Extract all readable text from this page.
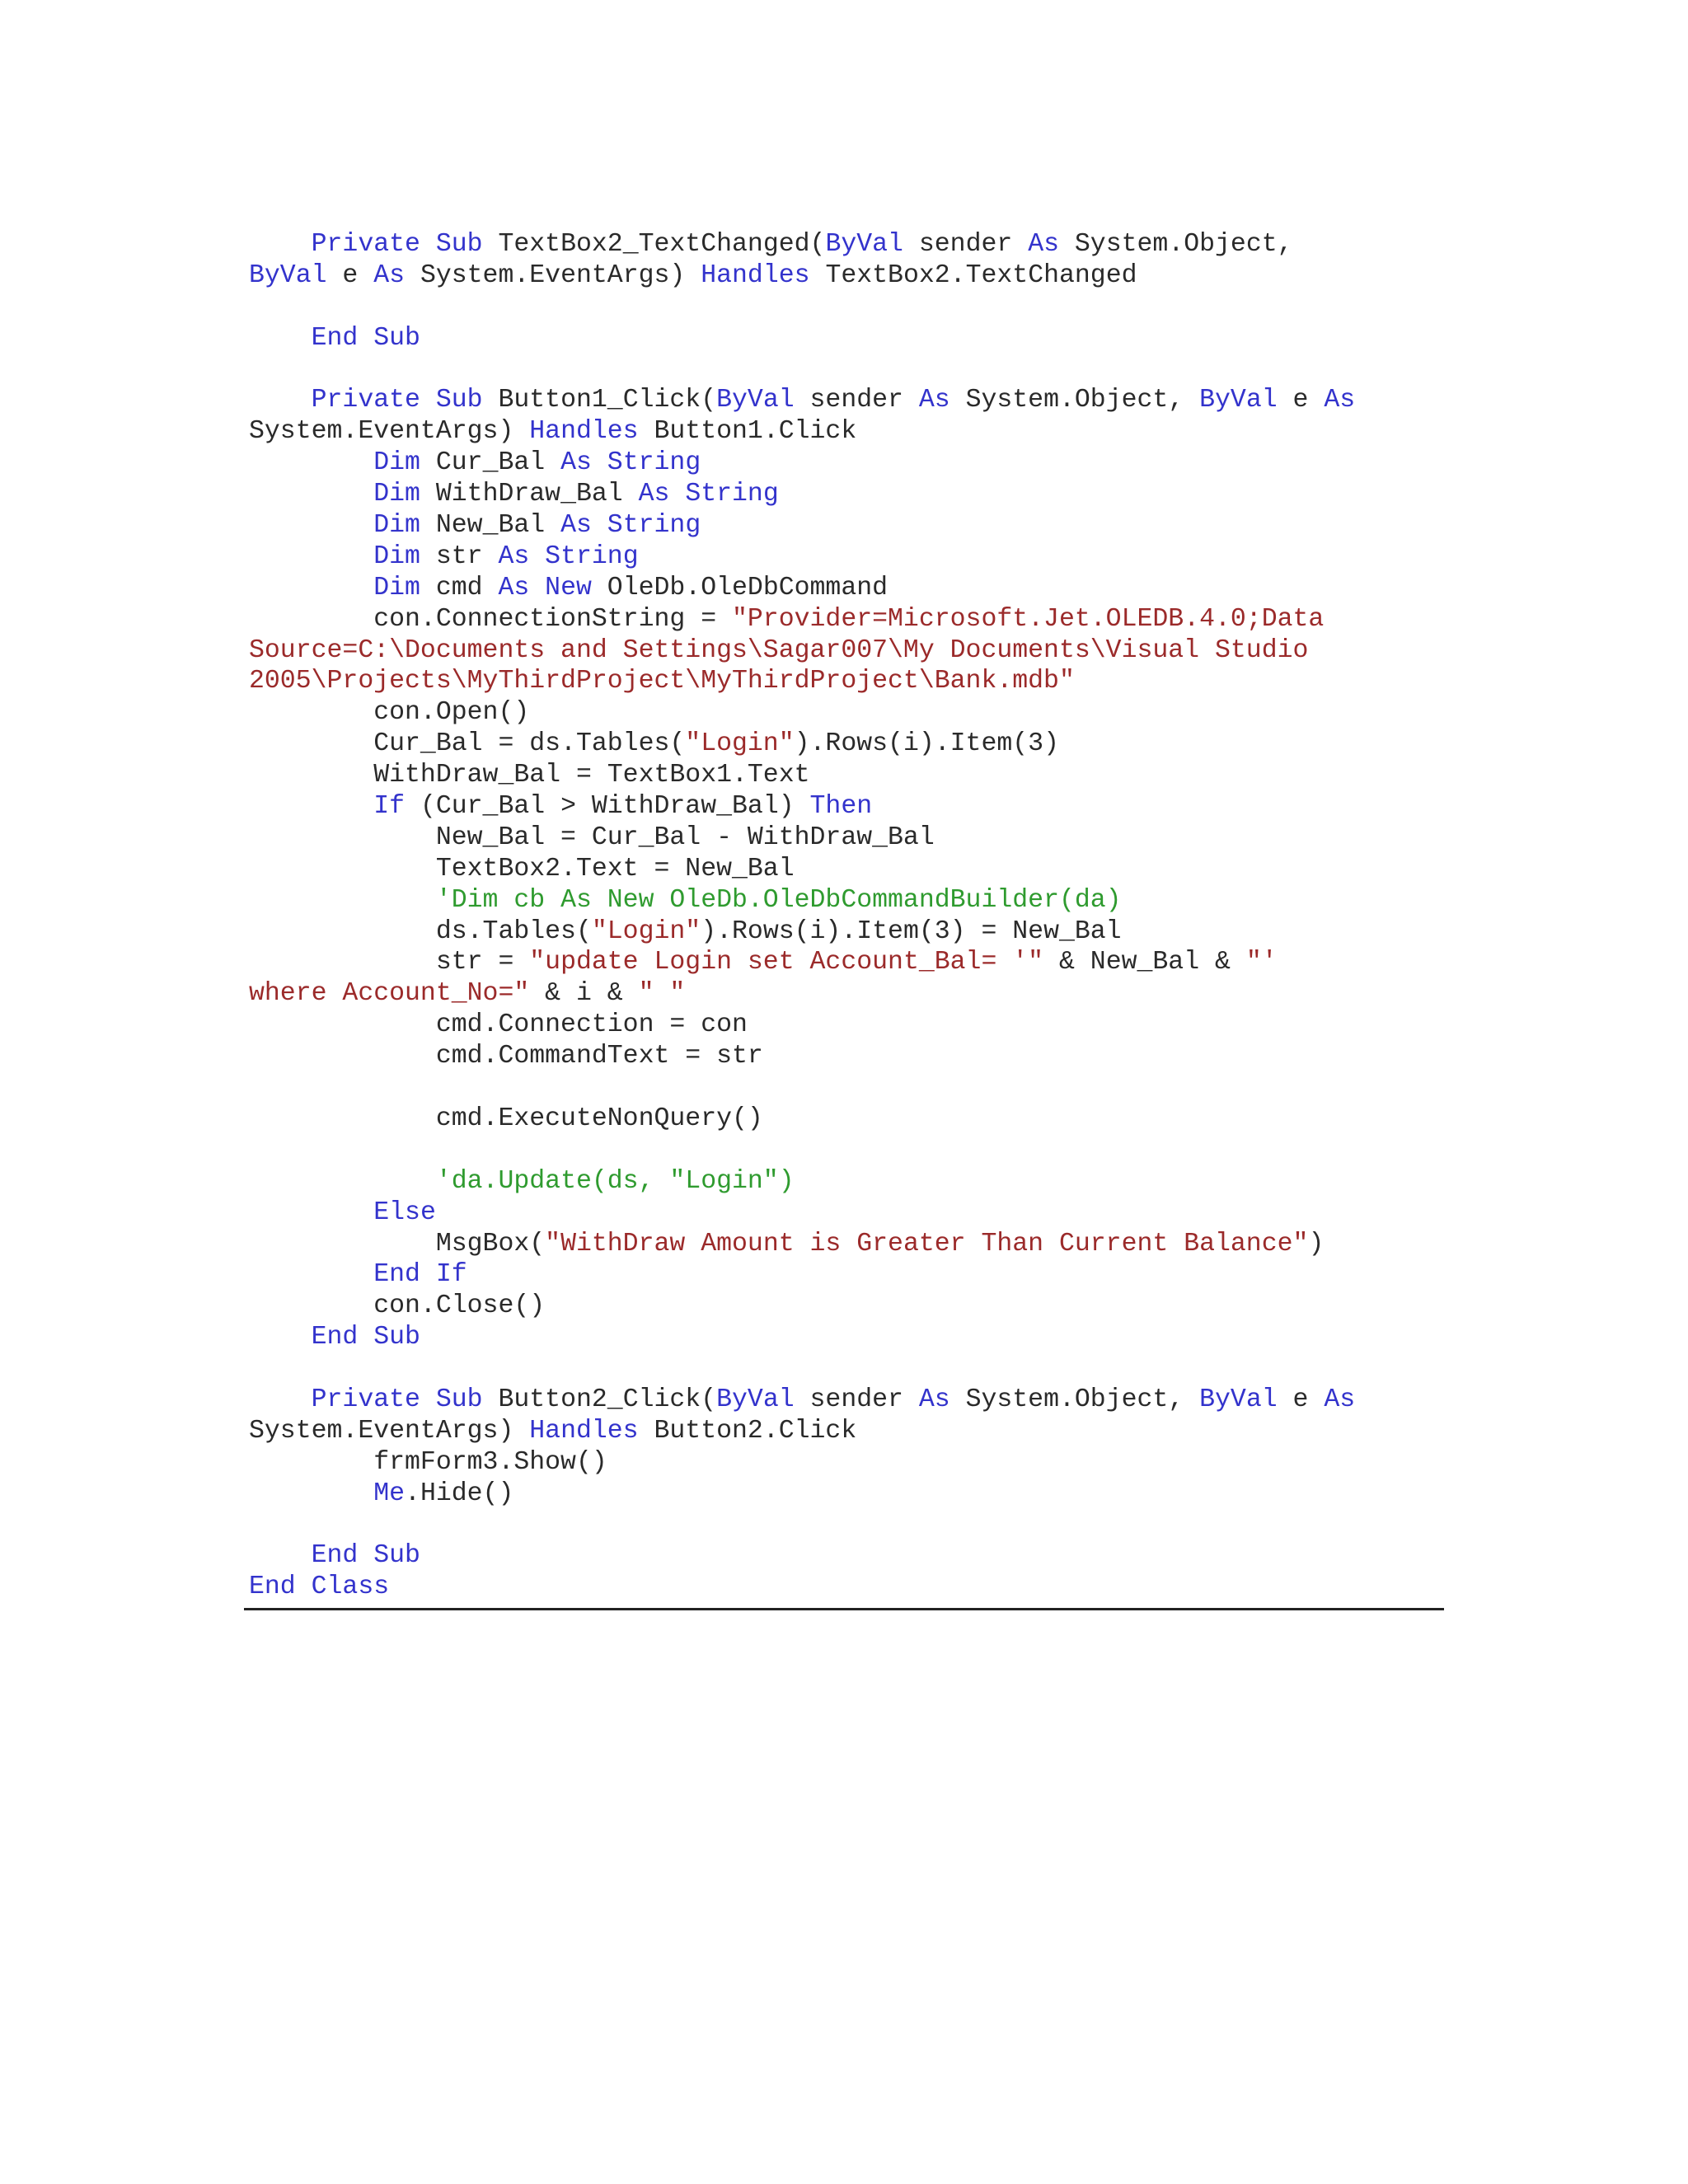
Private Sub TextBox2_TextChanged(ByVal sender As System.Object,
ByVal e As System.EventArgs) Handles TextBox2.TextChanged
End Sub
Private Sub Button1_Click(ByVal sender As System.Object, ByVal e As
System.EventArgs) Handles Button1.Click
Dim Cur_Bal As String
Dim WithDraw_Bal As String
Dim New_Bal As String
Dim str As String
Dim cmd As New OleDb.OleDbCommand
con.ConnectionString = "Provider=Microsoft.Jet.OLEDB.4.0;Data
Source=C:\Documents and Settings\Sagar007\My Documents\Visual Studio
2005\Projects\MyThirdProject\MyThirdProject\Bank.mdb"
con.Open()
Cur_Bal = ds.Tables("Login").Rows(i).Item(3)
WithDraw_Bal = TextBox1.Text
If (Cur_Bal > WithDraw_Bal) Then
New_Bal = Cur_Bal - WithDraw_Bal
TextBox2.Text = New_Bal
'Dim cb As New OleDb.OleDbCommandBuilder(da)
ds.Tables("Login").Rows(i).Item(3) = New_Bal
str = "update Login set Account_Bal= '" & New_Bal & "'
where Account_No=" & i & " "
cmd.Connection = con
cmd.CommandText = str
cmd.ExecuteNonQuery()
'da.Update(ds, "Login")
Else
MsgBox("WithDraw Amount is Greater Than Current Balance")
End If
con.Close()
End Sub
Private Sub Button2_Click(ByVal sender As System.Object, ByVal e As
System.EventArgs) Handles Button2.Click
frmForm3.Show()
Me.Hide()
End Sub
End Class
